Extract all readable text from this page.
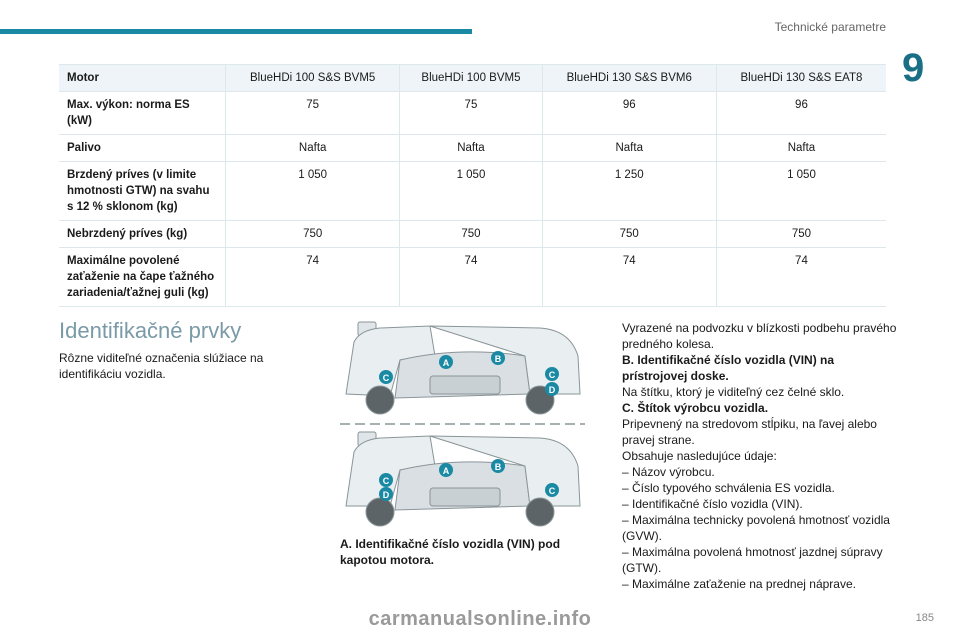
Technické parametre
9
Motor	BlueHDi 100 S&S BVM5	BlueHDi 100 BVM5	BlueHDi 130 S&S BVM6	BlueHDi 130 S&S EAT8
Max. výkon: norma ES (kW)	75	75	96	96
Palivo	Nafta	Nafta	Nafta	Nafta
Brzdený príves (v limite hmotnosti GTW) na svahu s 12 % sklonom (kg)	1 050	1 050	1 250	1 050
Nebrzdený príves (kg)	750	750	750	750
Maximálne povolené zaťaženie na čape ťažného zariadenia/ťažnej guli (kg)	74	74	74	74
Identifikačné prvky
Rôzne viditeľné označenia slúžiace na identifikáciu vozidla.
A	B
C	C
D
A	B
C
D	C
A. Identifikačné číslo vozidla (VIN) pod kapotou motora.

Vyrazené na podvozku v blízkosti podbehu pravého predného kolesa.

B. Identifikačné číslo vozidla (VIN) na prístrojovej doske.

Na štítku, ktorý je viditeľný cez čelné sklo.

C. Štítok výrobcu vozidla.

Pripevnený na stredovom stĺpiku, na ľavej alebo pravej strane.

Obsahuje nasledujúce údaje:

– Názov výrobcu.

– Číslo typového schválenia ES vozidla.

– Identifikačné číslo vozidla (VIN).

– Maximálna technicky povolená hmotnosť vozidla (GVW).

– Maximálna povolená hmotnosť jazdnej súpravy (GTW).

– Maximálne zaťaženie na prednej nápravе.

185
carmanualsonline.info
